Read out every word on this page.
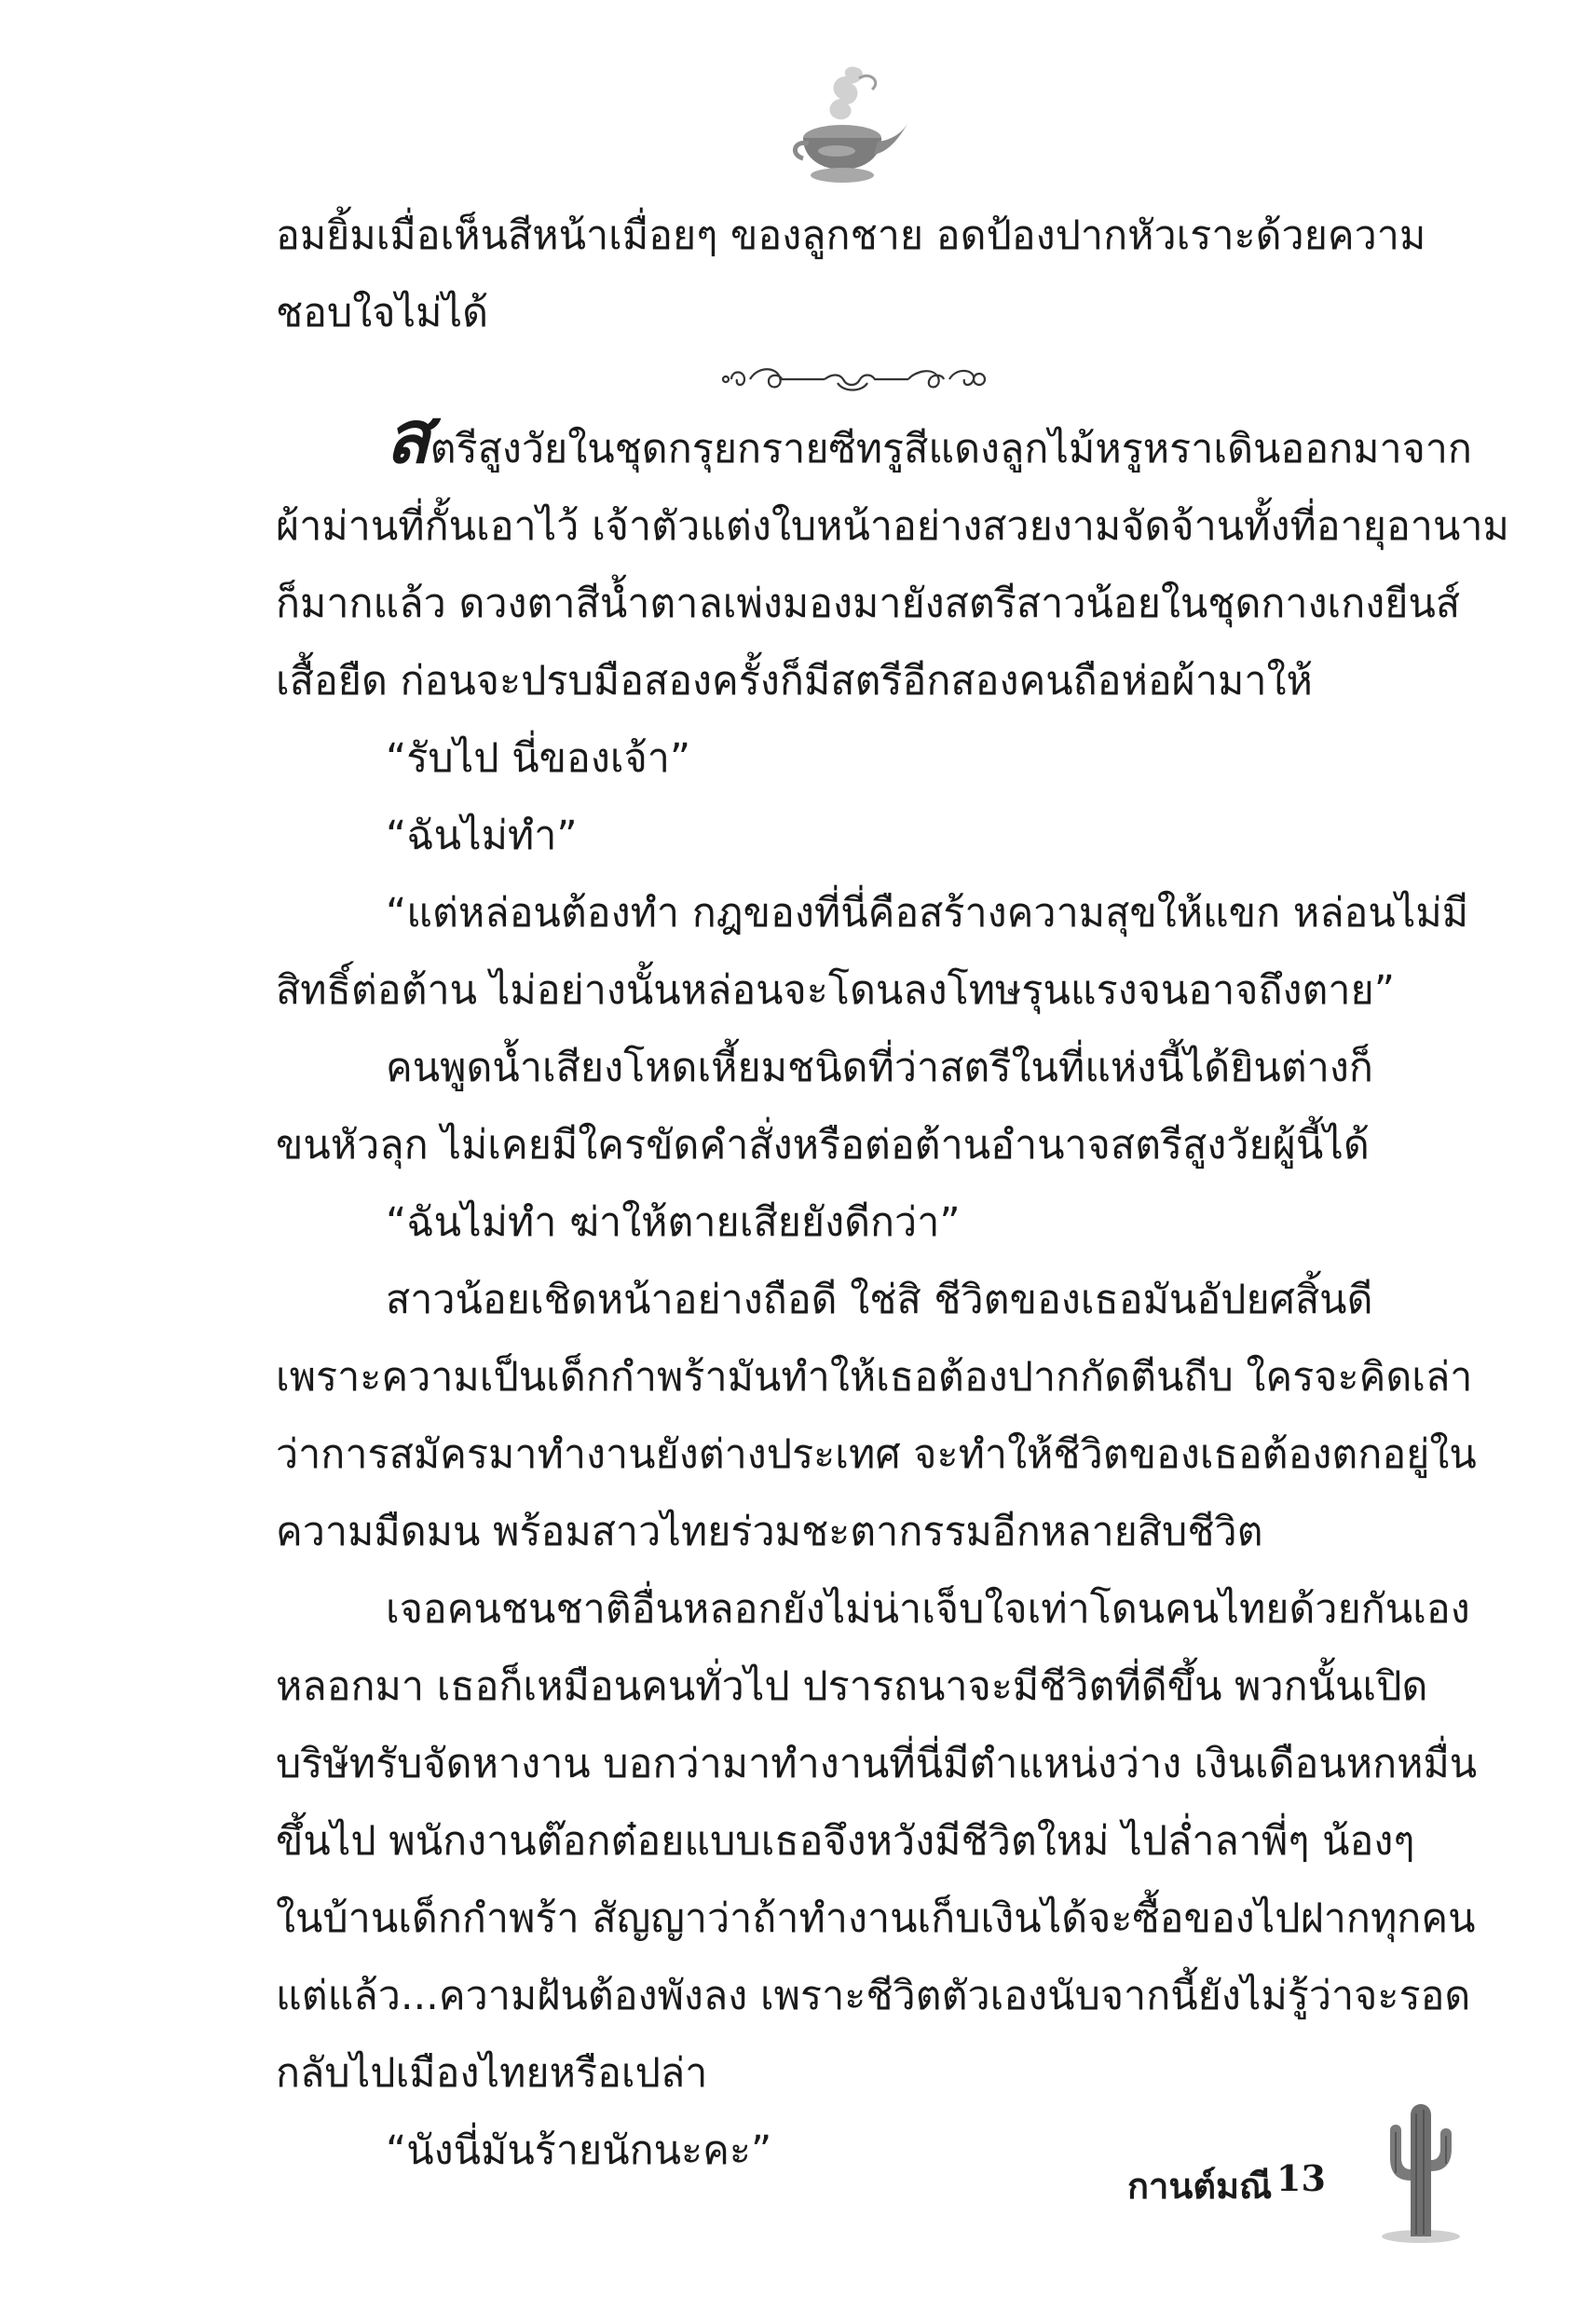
อมยิ้มเมื่อเห็นสีหน้าเมื่อยๆ ของลูกชาย อดป้องปากหัวเราะด้วยความ

ชอบใจไม่ได้

สตรีสูงวัยในชุดกรุยกรายซีทรูสีแดงลูกไม้หรูหราเดินออกมาจาก

ผ้าม่านที่กั้นเอาไว้ เจ้าตัวแต่งใบหน้าอย่างสวยงามจัดจ้านทั้งที่อายุอานาม

ก็มากแล้ว ดวงตาสีน้ำตาลเพ่งมองมายังสตรีสาวน้อยในชุดกางเกงยีนส์

เสื้อยืด ก่อนจะปรบมือสองครั้งก็มีสตรีอีกสองคนถือห่อผ้ามาให้

“รับไป นี่ของเจ้า”

“ฉันไม่ทำ”

“แต่หล่อนต้องทำ กฎของที่นี่คือสร้างความสุขให้แขก หล่อนไม่มี

สิทธิ์ต่อต้าน ไม่อย่างนั้นหล่อนจะโดนลงโทษรุนแรงจนอาจถึงตาย”

คนพูดน้ำเสียงโหดเหี้ยมชนิดที่ว่าสตรีในที่แห่งนี้ได้ยินต่างก็

ขนหัวลุก ไม่เคยมีใครขัดคำสั่งหรือต่อต้านอำนาจสตรีสูงวัยผู้นี้ได้

“ฉันไม่ทำ ฆ่าให้ตายเสียยังดีกว่า”

สาวน้อยเชิดหน้าอย่างถือดี ใช่สิ ชีวิตของเธอมันอัปยศสิ้นดี

เพราะความเป็นเด็กกำพร้ามันทำให้เธอต้องปากกัดตีนถีบ ใครจะคิดเล่า

ว่าการสมัครมาทำงานยังต่างประเทศ จะทำให้ชีวิตของเธอต้องตกอยู่ใน

ความมืดมน พร้อมสาวไทยร่วมชะตากรรมอีกหลายสิบชีวิต

เจอคนชนชาติอื่นหลอกยังไม่น่าเจ็บใจเท่าโดนคนไทยด้วยกันเอง

หลอกมา เธอก็เหมือนคนทั่วไป ปรารถนาจะมีชีวิตที่ดีขึ้น พวกนั้นเปิด

บริษัทรับจัดหางาน บอกว่ามาทำงานที่นี่มีตำแหน่งว่าง เงินเดือนหกหมื่น

ขึ้นไป พนักงานต๊อกต๋อยแบบเธอจึงหวังมีชีวิตใหม่ ไปล่ำลาพี่ๆ น้องๆ

ในบ้านเด็กกำพร้า สัญญาว่าถ้าทำงานเก็บเงินได้จะซื้อของไปฝากทุกคน

แต่แล้ว...ความฝันต้องพังลง เพราะชีวิตตัวเองนับจากนี้ยังไม่รู้ว่าจะรอด

กลับไปเมืองไทยหรือเปล่า

“นังนี่มันร้ายนักนะคะ”

กานต์มณี 13
